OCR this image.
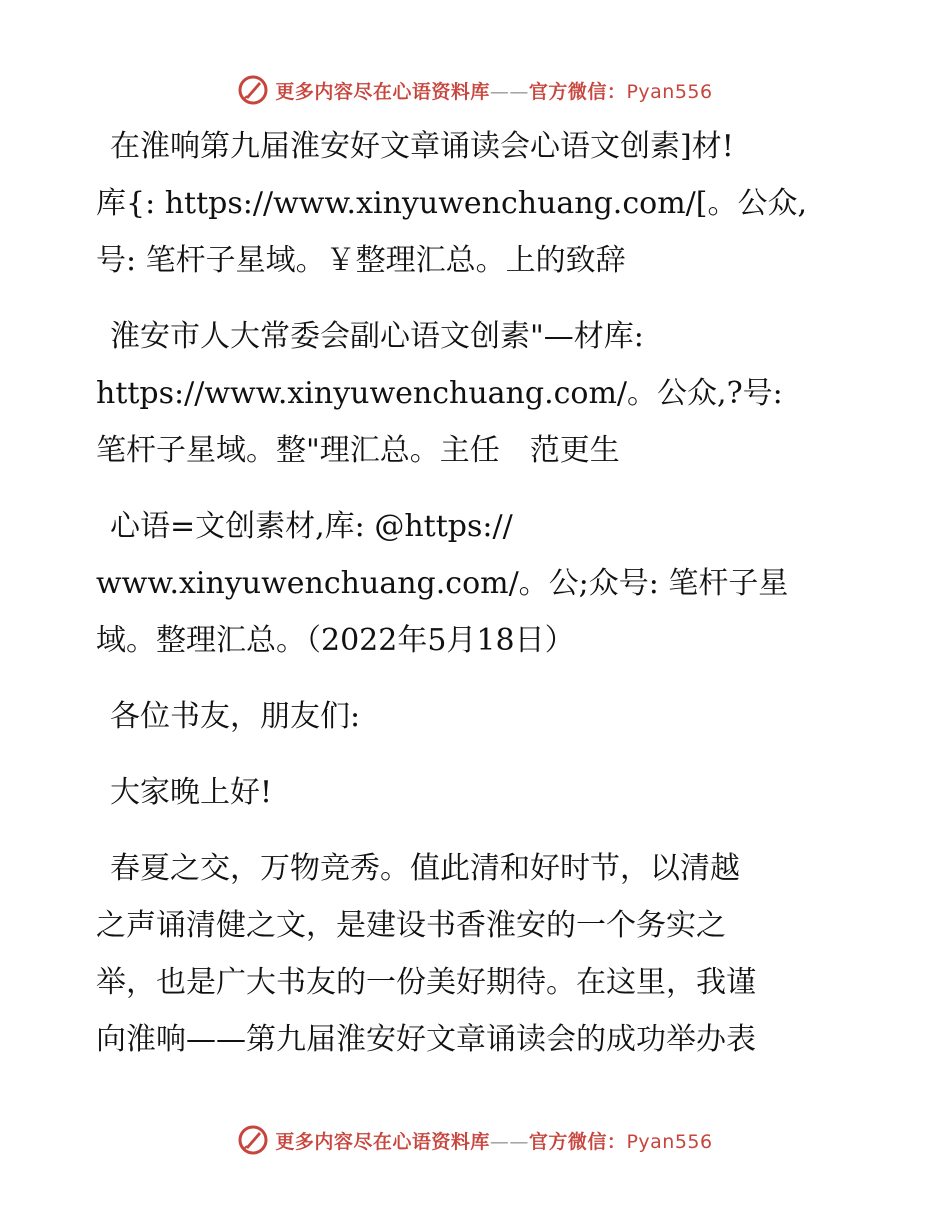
更多内容尽在心语资料库——官方微信：Pyan556

在淮响第九届淮安好文章诵读会心语文创素]材!
库{: https://www.xinyuwenchuang.com/[。公众,
号: 笔杆子星域。￥整理汇总。上的致辞

淮安市人大常委会副心语文创素"—材库:
https://www.xinyuwenchuang.com/。公众,?号:
笔杆子星域。整"理汇总。主任　范更生

心语=文创素材,库: @https://
www.xinyuwenchuang.com/。公;众号: 笔杆子星
域。整理汇总。（2022年5月18日）

各位书友，朋友们:

大家晚上好!

春夏之交，万物竞秀。值此清和好时节，以清越
之声诵清健之文，是建设书香淮安的一个务实之
举，也是广大书友的一份美好期待。在这里，我谨
向淮响——第九届淮安好文章诵读会的成功举办表

更多内容尽在心语资料库——官方微信：Pyan556
